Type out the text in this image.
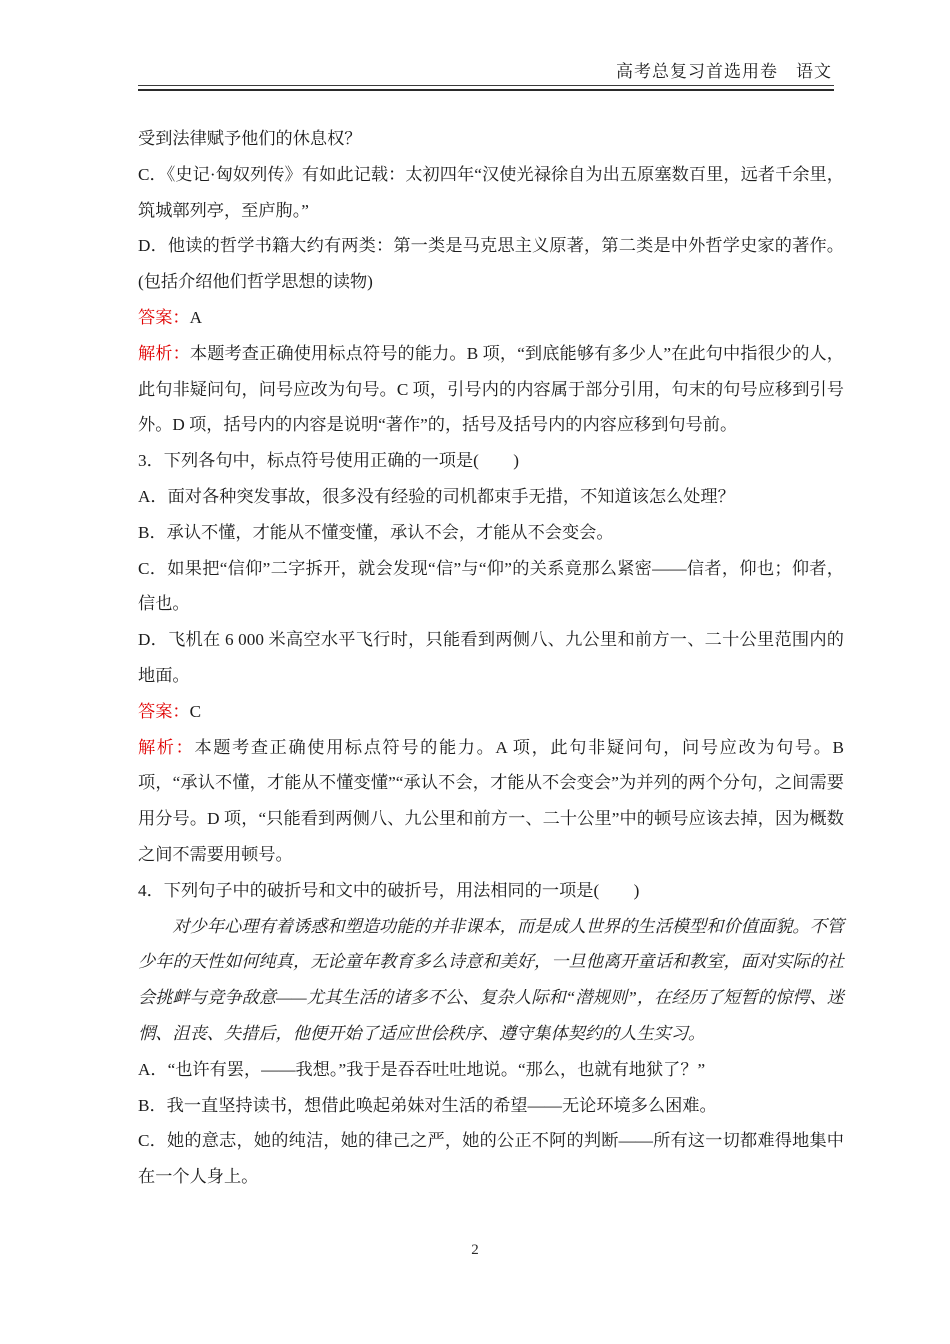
高考总复习首选用卷　语文
受到法律赋予他们的休息权？
C．《史记·匈奴列传》有如此记载：太初四年“汉使光禄徐自为出五原塞数百里，远者千余里，筑城鄣列亭，至庐朐。”
D．他读的哲学书籍大约有两类：第一类是马克思主义原著，第二类是中外哲学史家的著作。(包括介绍他们哲学思想的读物)
答案：A
解析：本题考查正确使用标点符号的能力。B 项，“到底能够有多少人”在此句中指很少的人，此句非疑问句，问号应改为句号。C 项，引号内的内容属于部分引用，句末的句号应移到引号外。D 项，括号内的内容是说明“著作”的，括号及括号内的内容应移到句号前。
3．下列各句中，标点符号使用正确的一项是(　　)
A．面对各种突发事故，很多没有经验的司机都束手无措，不知道该怎么处理？
B．承认不懂，才能从不懂变懂，承认不会，才能从不会变会。
C．如果把“信仰”二字拆开，就会发现“信”与“仰”的关系竟那么紧密——信者，仰也；仰者，信也。
D．飞机在 6 000 米高空水平飞行时，只能看到两侧八、九公里和前方一、二十公里范围内的地面。
答案：C
解析：本题考查正确使用标点符号的能力。A 项，此句非疑问句，问号应改为句号。B 项，“承认不懂，才能从不懂变懂”“承认不会，才能从不会变会”为并列的两个分句，之间需要用分号。D 项，“只能看到两侧八、九公里和前方一、二十公里”中的顿号应该去掉，因为概数之间不需要用顿号。
4．下列句子中的破折号和文中的破折号，用法相同的一项是(　　)
对少年心理有着诱惑和塑造功能的并非课本，而是成人世界的生活模型和价值面貌。不管少年的天性如何纯真，无论童年教育多么诗意和美好，一旦他离开童话和教室，面对实际的社会挑衅与竞争敌意——尤其生活的诸多不公、复杂人际和“潜规则”，在经历了短暂的惊愕、迷惘、沮丧、失措后，他便开始了适应世侩秩序、遵守集体契约的人生实习。
A．“也许有罢，——我想。”我于是吞吞吐吐地说。“那么，也就有地狱了？”
B．我一直坚持读书，想借此唤起弟妹对生活的希望——无论环境多么困难。
C．她的意志，她的纯洁，她的律己之严，她的公正不阿的判断——所有这一切都难得地集中在一个人身上。
2
